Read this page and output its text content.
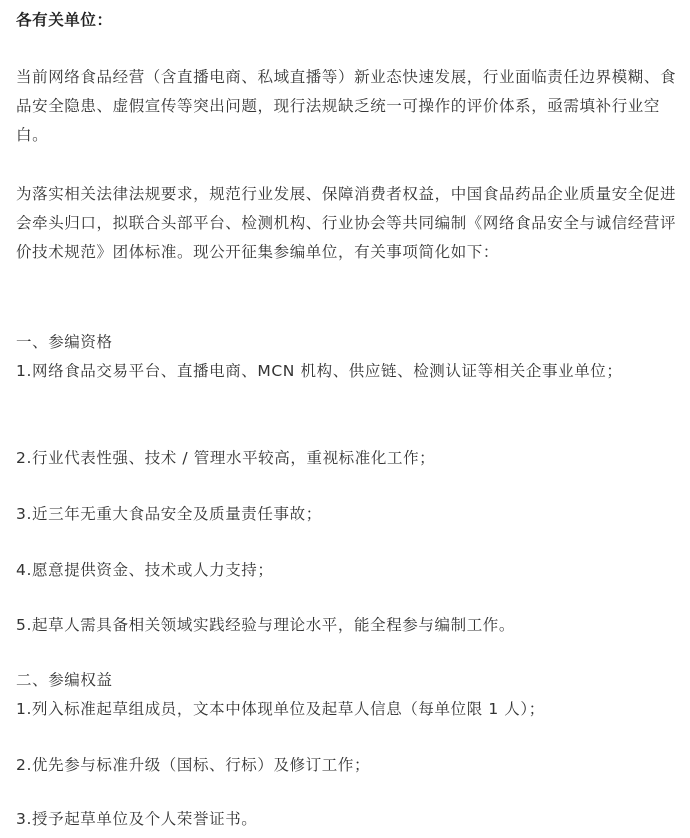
各有关单位：

当前网络食品经营（含直播电商、私域直播等）新业态快速发展，行业面临责任边界模糊、食品安全隐患、虚假宣传等突出问题，现行法规缺乏统一可操作的评价体系，亟需填补行业空白。

为落实相关法律法规要求，规范行业发展、保障消费者权益，中国食品药品企业质量安全促进会牵头归口，拟联合头部平台、检测机构、行业协会等共同编制《网络食品安全与诚信经营评价技术规范》团体标准。现公开征集参编单位，有关事项简化如下：

一、参编资格

1.网络食品交易平台、直播电商、MCN 机构、供应链、检测认证等相关企事业单位；

2.行业代表性强、技术 / 管理水平较高，重视标准化工作；

3.近三年无重大食品安全及质量责任事故；

4.愿意提供资金、技术或人力支持；

5.起草人需具备相关领域实践经验与理论水平，能全程参与编制工作。

二、参编权益

1.列入标准起草组成员，文本中体现单位及起草人信息（每单位限 1 人）；

2.优先参与标准升级（国标、行标）及修订工作；

3.授予起草单位及个人荣誉证书。
